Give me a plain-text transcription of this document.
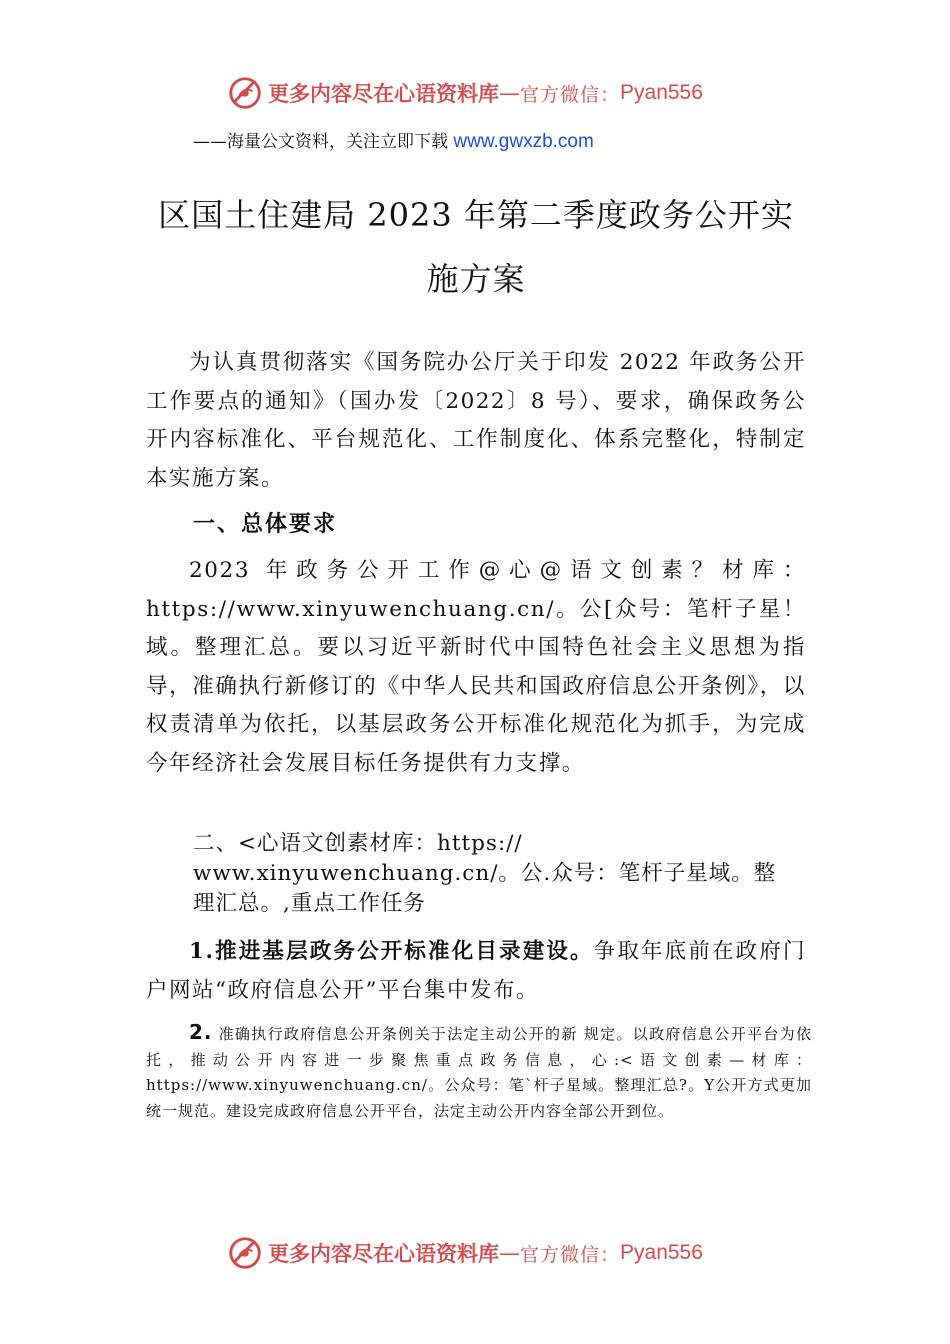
更多内容尽在心语资料库 — 官方微信： Pyan556
——海量公文资料，关注立即下载 www.gwxzb.com
区国土住建局 2023 年第二季度政务公开实
施方案
为认真贯彻落实《国务院办公厅关于印发 2022 年政务公开工作要点的通知》（国办发〔2022〕8 号）、要求，确保政务公开内容标准化、平台规范化、工作制度化、体系完整化，特制定本实施方案。
一、总体要求
2023 年政务公开工作@心@语文创素？材库：https://www.xinyuwenchuang.cn/。公[众号：笔杆子星！域。整理汇总。要以习近平新时代中国特色社会主义思想为指导，准确执行新修订的《中华人民共和国政府信息公开条例》，以权责清单为依托，以基层政务公开标准化规范化为抓手，为完成今年经济社会发展目标任务提供有力支撑。
二、<心语文创素材库：https://
www.xinyuwenchuang.cn/。公.众号：笔杆子星域。整
理汇总。,重点工作任务
1.推进基层政务公开标准化目录建设。争取年底前在政府门户网站“政府信息公开”平台集中发布。
2. 准确执行政府信息公开条例关于法定主动公开的新 规定。以政府信息公开平台为依托，推动公开内容进一步聚焦重点政务信息，心:<语文创素—材库：https://www.xinyuwenchuang.cn/。公众号：笔`杆子星域。整理汇总?。Y公开方式更加统一规范。建设完成政府信息公开平台，法定主动公开内容全部公开到位。
更多内容尽在心语资料库 — 官方微信： Pyan556
